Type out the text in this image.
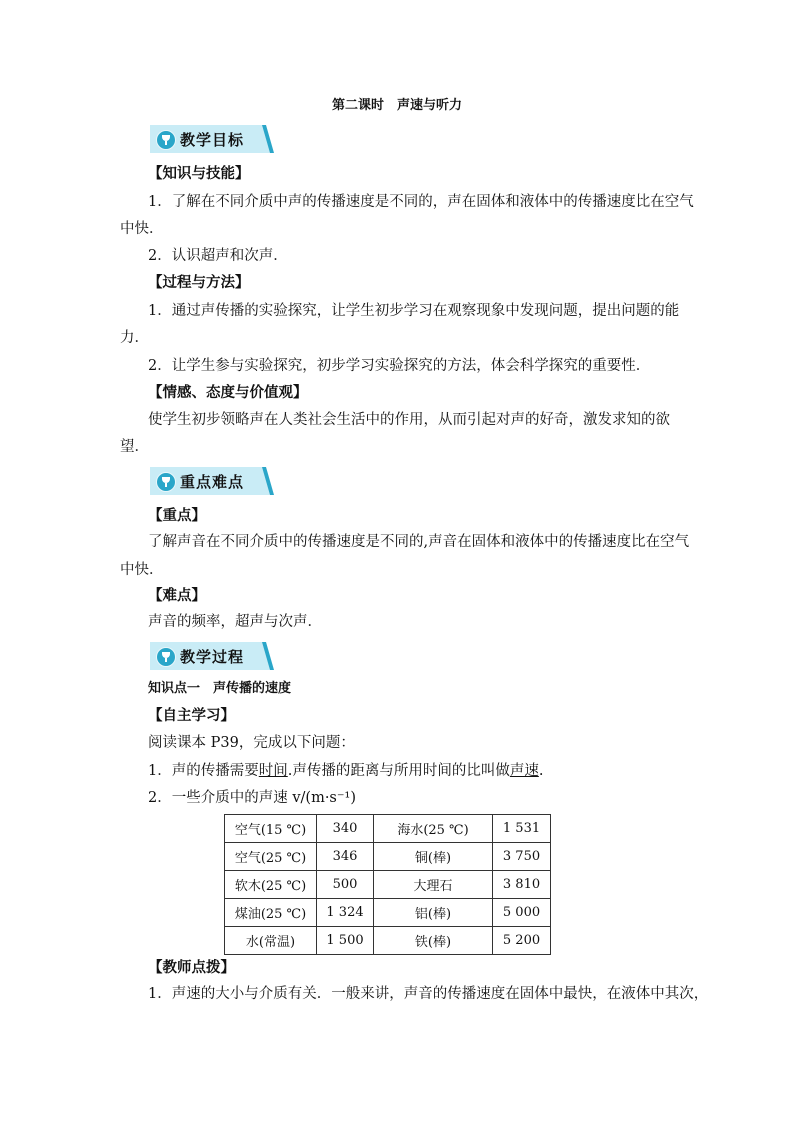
第二课时　声速与听力
教学目标
【知识与技能】
1．了解在不同介质中声的传播速度是不同的，声在固体和液体中的传播速度比在空气
中快．
2．认识超声和次声．
【过程与方法】
1．通过声传播的实验探究，让学生初步学习在观察现象中发现问题，提出问题的能
力．
2．让学生参与实验探究，初步学习实验探究的方法，体会科学探究的重要性．
【情感、态度与价值观】
使学生初步领略声在人类社会生活中的作用，从而引起对声的好奇，激发求知的欲
望．
重点难点
【重点】
了解声音在不同介质中的传播速度是不同的,声音在固体和液体中的传播速度比在空气
中快．
【难点】
声音的频率，超声与次声．
教学过程
知识点一　声传播的速度
【自主学习】
阅读课本 P39，完成以下问题：
1．声的传播需要时间.声传播的距离与所用时间的比叫做声速.
2．一些介质中的声速 v/(m·s⁻¹)
空气(15 ℃)	340	海水(25 ℃)	1 531
空气(25 ℃)	346	铜(棒)	3 750
软木(25 ℃)	500	大理石	3 810
煤油(25 ℃)	1 324	铝(棒)	5 000
水(常温)	1 500	铁(棒)	5 200
【教师点拨】
1．声速的大小与介质有关．一般来讲，声音的传播速度在固体中最快，在液体中其次，
